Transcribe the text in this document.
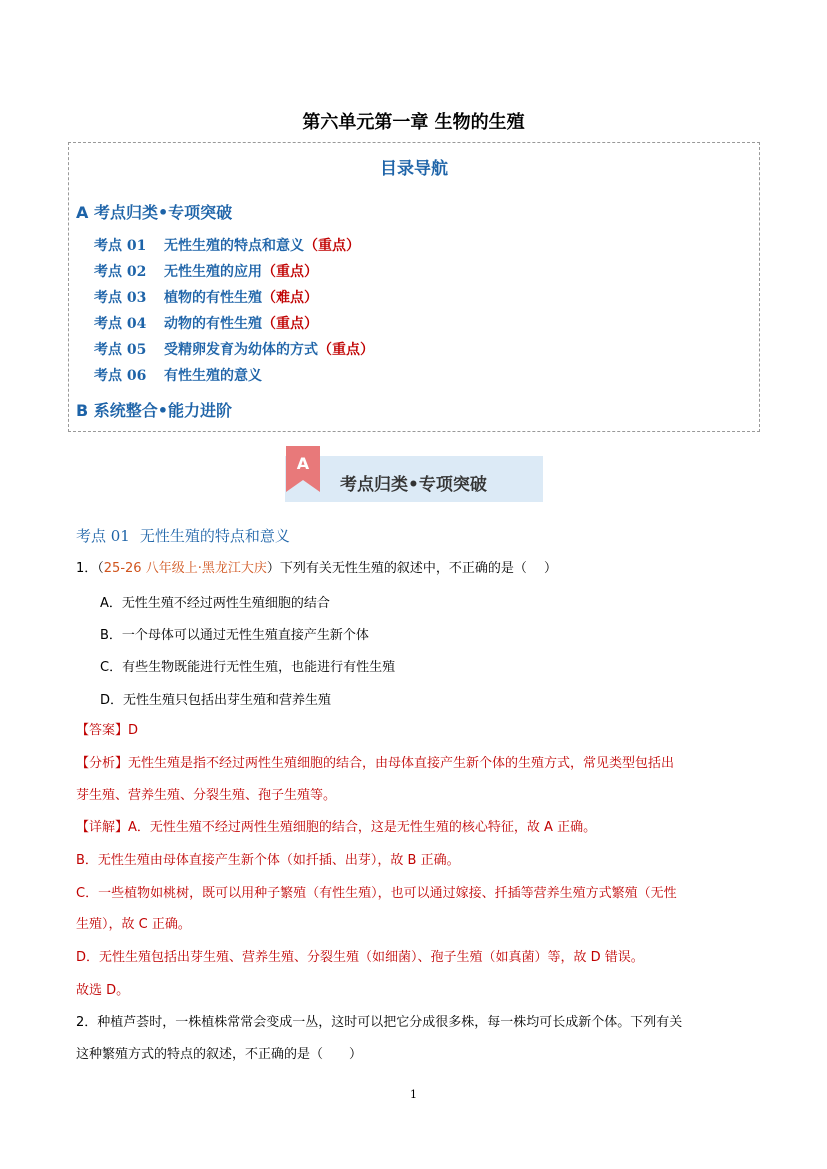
第六单元第一章 生物的生殖
目录导航
A 考点归类•专项突破
考点 01 无性生殖的特点和意义（重点）
考点 02 无性生殖的应用（重点）
考点 03 植物的有性生殖（难点）
考点 04 动物的有性生殖（重点）
考点 05 受精卵发育为幼体的方式（重点）
考点 06 有性生殖的意义
B 系统整合•能力进阶
A
考点归类•专项突破
考点 01 无性生殖的特点和意义
1．（25-26 八年级上·黑龙江大庆）下列有关无性生殖的叙述中，不正确的是（　 ）
A．无性生殖不经过两性生殖细胞的结合
B．一个母体可以通过无性生殖直接产生新个体
C．有些生物既能进行无性生殖，也能进行有性生殖
D．无性生殖只包括出芽生殖和营养生殖
【答案】D
【分析】无性生殖是指不经过两性生殖细胞的结合，由母体直接产生新个体的生殖方式，常见类型包括出
芽生殖、营养生殖、分裂生殖、孢子生殖等。
【详解】A．无性生殖不经过两性生殖细胞的结合，这是无性生殖的核心特征，故 A 正确。
B．无性生殖由母体直接产生新个体（如扦插、出芽），故 B 正确。
C．一些植物如桃树，既可以用种子繁殖（有性生殖），也可以通过嫁接、扦插等营养生殖方式繁殖（无性
生殖），故 C 正确。
D．无性生殖包括出芽生殖、营养生殖、分裂生殖（如细菌）、孢子生殖（如真菌）等，故 D 错误。
故选 D。
2．种植芦荟时，一株植株常常会变成一丛，这时可以把它分成很多株，每一株均可长成新个体。下列有关
这种繁殖方式的特点的叙述，不正确的是（　　）
1
